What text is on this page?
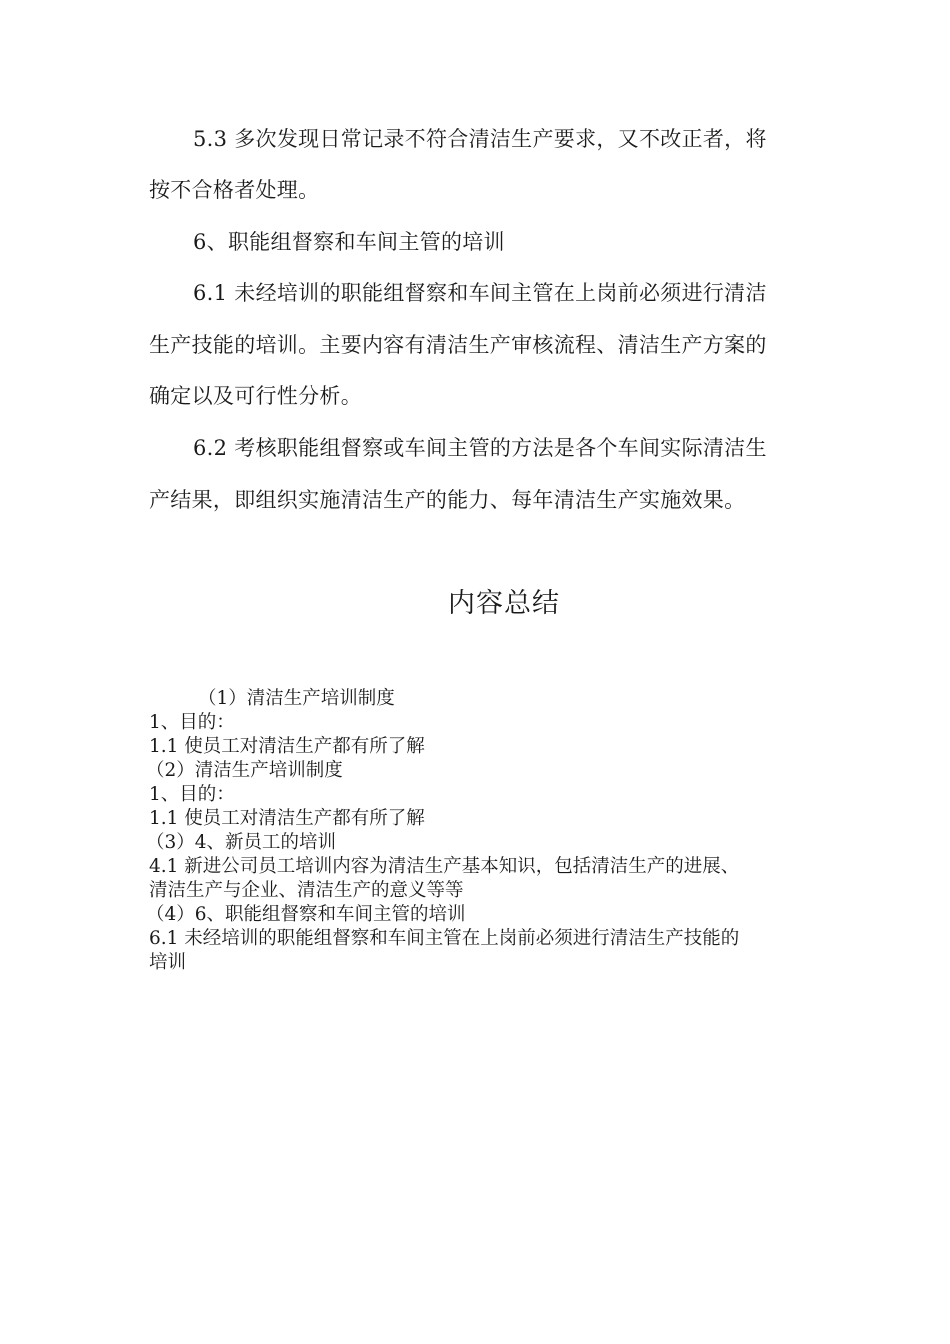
5.3 多次发现日常记录不符合清洁生产要求，又不改正者，将
按不合格者处理。
6、职能组督察和车间主管的培训
6.1 未经培训的职能组督察和车间主管在上岗前必须进行清洁
生产技能的培训。主要内容有清洁生产审核流程、清洁生产方案的
确定以及可行性分析。
6.2 考核职能组督察或车间主管的方法是各个车间实际清洁生
产结果，即组织实施清洁生产的能力、每年清洁生产实施效果。
内容总结
（1）清洁生产培训制度
1、目的：
1.1 使员工对清洁生产都有所了解
（2）清洁生产培训制度
1、目的：
1.1 使员工对清洁生产都有所了解
（3）4、新员工的培训
4.1 新进公司员工培训内容为清洁生产基本知识，包括清洁生产的进展、
清洁生产与企业、清洁生产的意义等等
（4）6、职能组督察和车间主管的培训
6.1 未经培训的职能组督察和车间主管在上岗前必须进行清洁生产技能的
培训
